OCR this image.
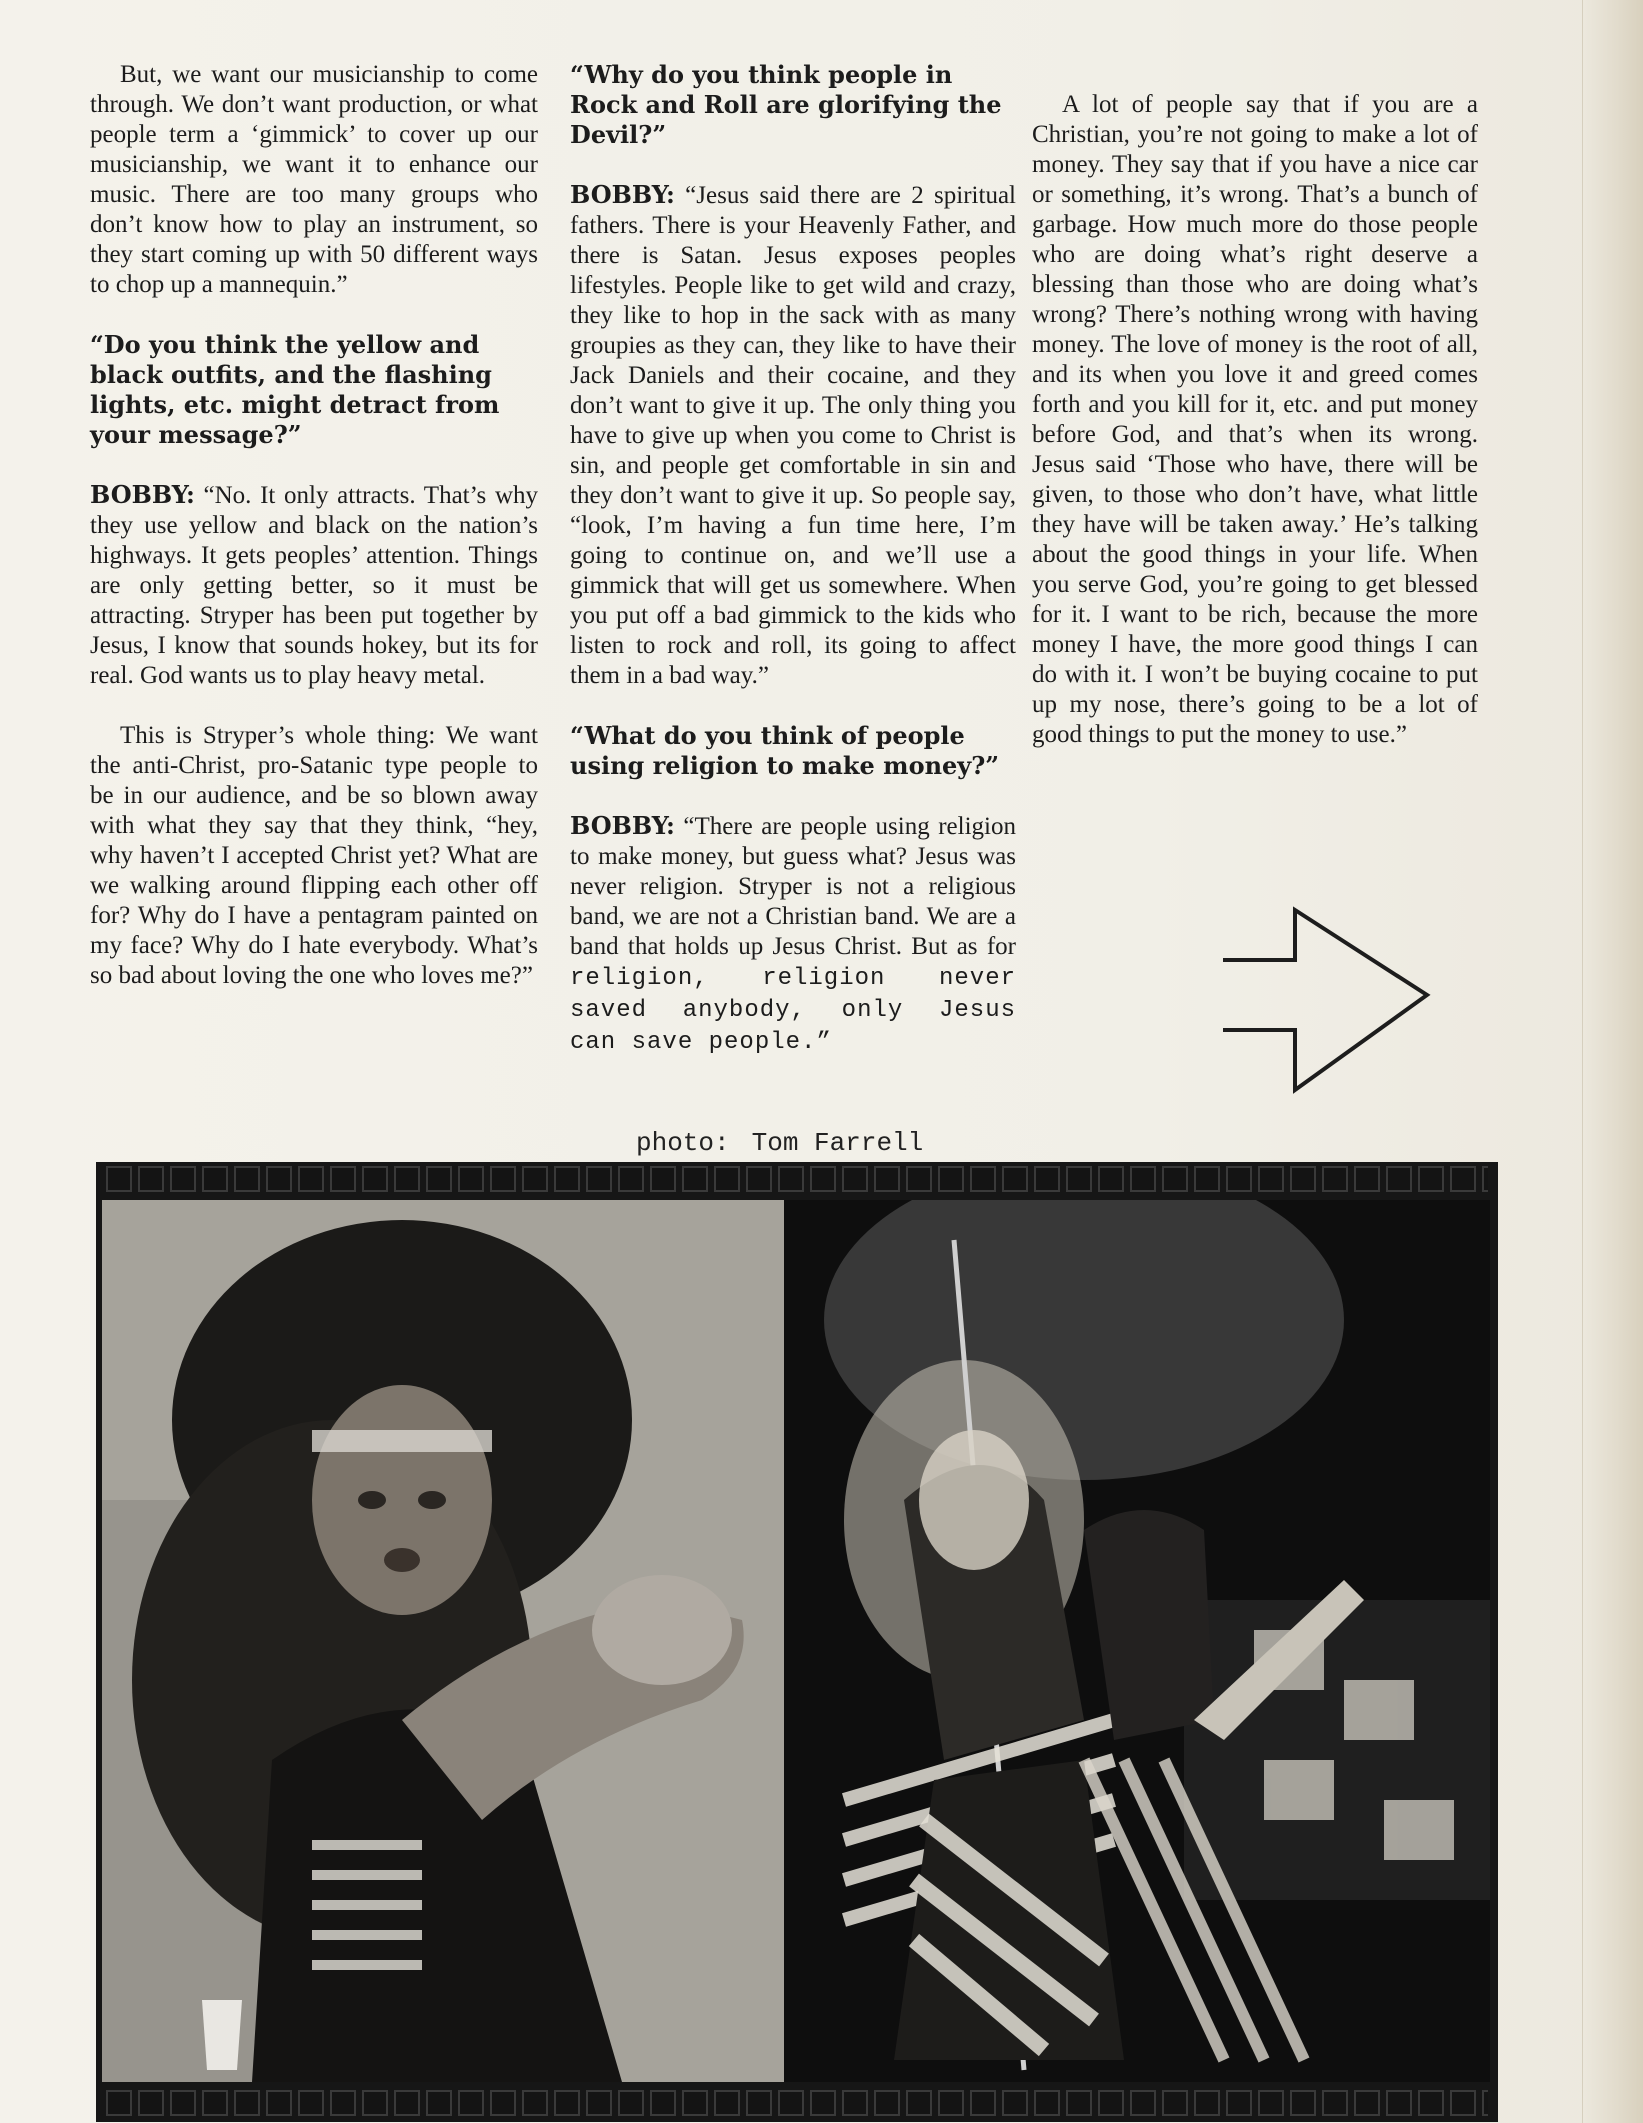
But, we want our musicianship to come through. We don’t want production, or what people term a ‘gimmick’ to cover up our musicianship, we want it to enhance our music. There are too many groups who don’t know how to play an instrument, so they start coming up with 50 different ways to chop up a mannequin.”

“Do you think the yellow and black outfits, and the flashing lights, etc. might detract from your message?”

BOBBY: “No. It only attracts. That’s why they use yellow and black on the nation’s highways. It gets peoples’ attention. Things are only getting better, so it must be attracting. Stryper has been put together by Jesus, I know that sounds hokey, but its for real. God wants us to play heavy metal.

This is Stryper’s whole thing: We want the anti-Christ, pro-Satanic type people to be in our audience, and be so blown away with what they say that they think, “hey, why haven’t I accepted Christ yet? What are we walking around flipping each other off for? Why do I have a pentagram painted on my face? Why do I hate everybody. What’s so bad about loving the one who loves me?”

“Why do you think people in Rock and Roll are glorifying the Devil?”

BOBBY: “Jesus said there are 2 spiritual fathers. There is your Heavenly Father, and there is Satan. Jesus exposes peoples lifestyles. People like to get wild and crazy, they like to hop in the sack with as many groupies as they can, they like to have their Jack Daniels and their cocaine, and they don’t want to give it up. The only thing you have to give up when you come to Christ is sin, and people get comfortable in sin and they don’t want to give it up. So people say, “look, I’m having a fun time here, I’m going to continue on, and we’ll use a gimmick that will get us somewhere. When you put off a bad gimmick to the kids who listen to rock and roll, its going to affect them in a bad way.”

“What do you think of people using religion to make money?”

BOBBY: “There are people using religion to make money, but guess what? Jesus was never religion. Stryper is not a religious band, we are not a Christian band. We are a band that holds up Jesus Christ. But as for religion, religion never saved anybody, only Jesus can save people.”

A lot of people say that if you are a Christian, you’re not going to make a lot of money. They say that if you have a nice car or something, it’s wrong. That’s a bunch of garbage. How much more do those people who are doing what’s right deserve a blessing than those who are doing what’s wrong? There’s nothing wrong with having money. The love of money is the root of all, and its when you love it and greed comes forth and you kill for it, etc. and put money before God, and that’s when its wrong. Jesus said ‘Those who have, there will be given, to those who don’t have, what little they have will be taken away.’ He’s talking about the good things in your life. When you serve God, you’re going to get blessed for it. I want to be rich, because the more money I have, the more good things I can do with it. I won’t be buying cocaine to put up my nose, there’s going to be a lot of good things to put the money to use.”

photo: Tom Farrell
